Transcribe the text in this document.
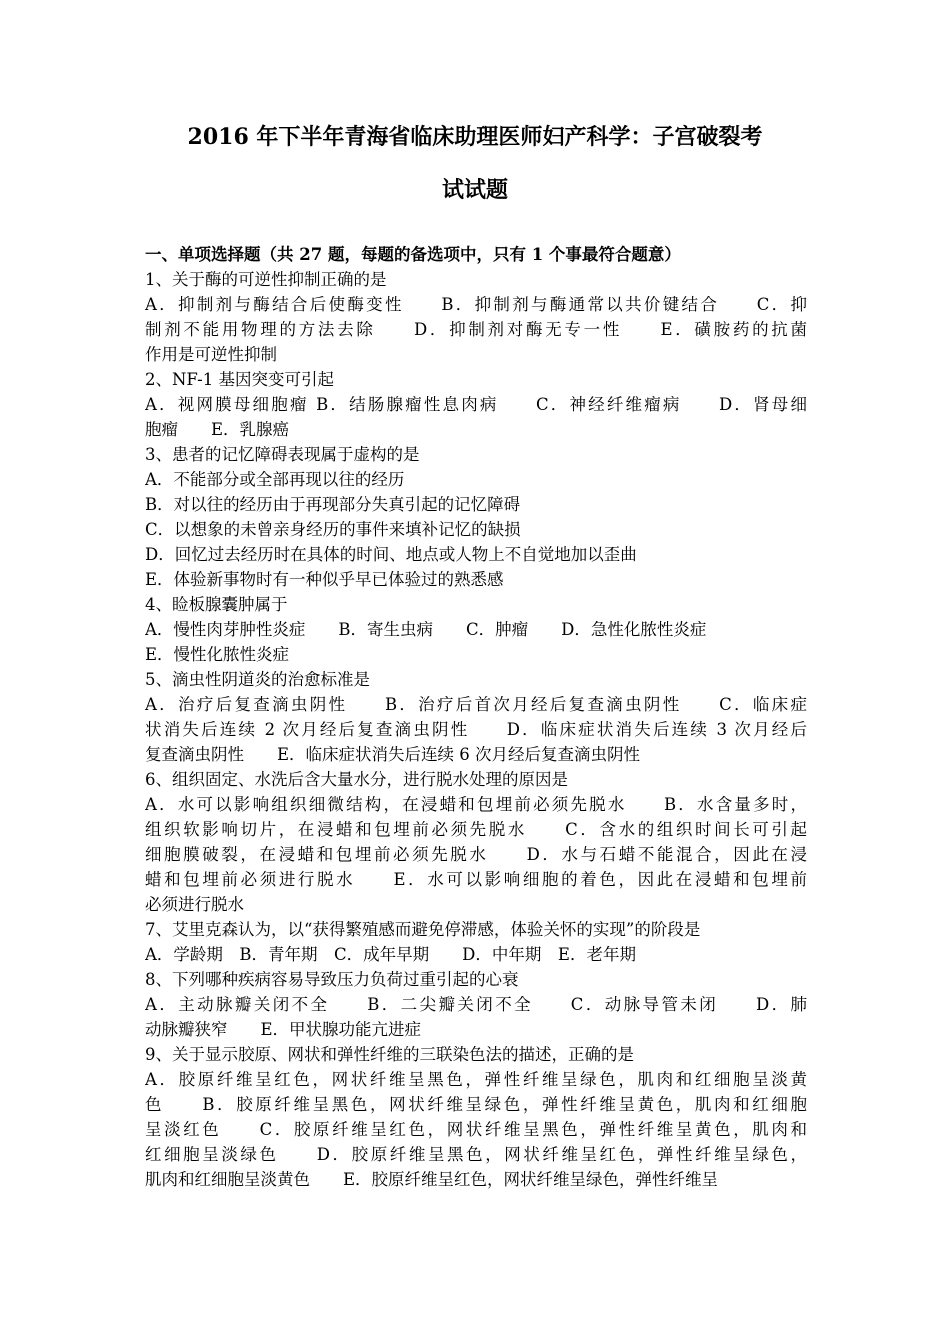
2016 年下半年青海省临床助理医师妇产科学：子宫破裂考
试试题
一、单项选择题（共 27 题，每题的备选项中，只有 1 个事最符合题意）
1、关于酶的可逆性抑制正确的是
A．抑制剂与酶结合后使酶变性　　B．抑制剂与酶通常以共价键结合　　C．抑
制剂不能用物理的方法去除　　D．抑制剂对酶无专一性　　E．磺胺药的抗菌
作用是可逆性抑制
2、NF-1 基因突变可引起
A．视网膜母细胞瘤 B．结肠腺瘤性息肉病　　C．神经纤维瘤病　　D．肾母细
胞瘤　　E．乳腺癌
3、患者的记忆障碍表现属于虚构的是
A．不能部分或全部再现以往的经历
B．对以往的经历由于再现部分失真引起的记忆障碍
C．以想象的未曾亲身经历的事件来填补记忆的缺损
D．回忆过去经历时在具体的时间、地点或人物上不自觉地加以歪曲
E．体验新事物时有一种似乎早已体验过的熟悉感
4、睑板腺囊肿属于
A．慢性肉芽肿性炎症　　B．寄生虫病　　C．肿瘤　　D．急性化脓性炎症
E．慢性化脓性炎症
5、滴虫性阴道炎的治愈标准是
A．治疗后复查滴虫阴性　　B．治疗后首次月经后复查滴虫阴性　　C．临床症
状消失后连续 2 次月经后复查滴虫阴性　　D．临床症状消失后连续 3 次月经后
复查滴虫阴性　　E．临床症状消失后连续 6 次月经后复查滴虫阴性
6、组织固定、水洗后含大量水分，进行脱水处理的原因是
A．水可以影响组织细微结构，在浸蜡和包埋前必须先脱水　　B．水含量多时，
组织软影响切片，在浸蜡和包埋前必须先脱水　　C．含水的组织时间长可引起
细胞膜破裂，在浸蜡和包埋前必须先脱水　　D．水与石蜡不能混合，因此在浸
蜡和包埋前必须进行脱水　　E．水可以影响细胞的着色，因此在浸蜡和包埋前
必须进行脱水
7、艾里克森认为，以“获得繁殖感而避免停滞感，体验关怀的实现”的阶段是
A．学龄期　B．青年期　C．成年早期　　D．中年期　E．老年期
8、下列哪种疾病容易导致压力负荷过重引起的心衰
A．主动脉瓣关闭不全　　B．二尖瓣关闭不全　　C．动脉导管未闭　　D．肺
动脉瓣狭窄　　E．甲状腺功能亢进症
9、关于显示胶原、网状和弹性纤维的三联染色法的描述，正确的是
A．胶原纤维呈红色，网状纤维呈黑色，弹性纤维呈绿色，肌肉和红细胞呈淡黄
色　　B．胶原纤维呈黑色，网状纤维呈绿色，弹性纤维呈黄色，肌肉和红细胞
呈淡红色　　C．胶原纤维呈红色，网状纤维呈黑色，弹性纤维呈黄色，肌肉和
红细胞呈淡绿色　　D．胶原纤维呈黑色，网状纤维呈红色，弹性纤维呈绿色，
肌肉和红细胞呈淡黄色　　E．胶原纤维呈红色，网状纤维呈绿色，弹性纤维呈
